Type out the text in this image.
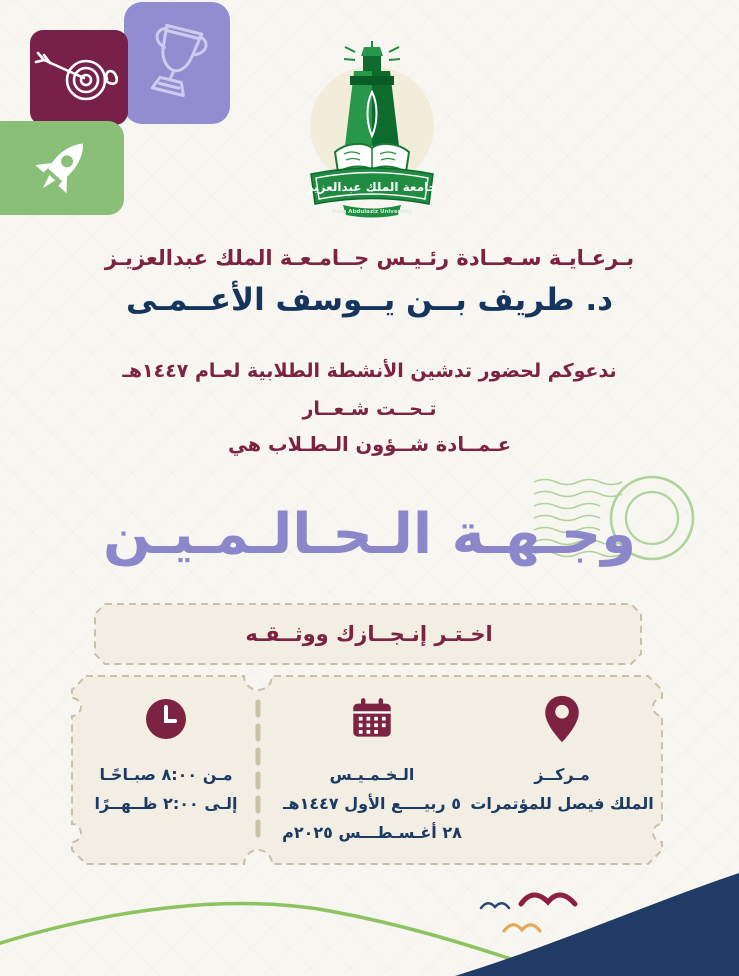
جامعة الملك عبدالعزيز
King Abdulaziz University
بـرعـايـة سـعــادة رئـيـس جــامـعـة الملك عبدالعزيـز
د. طريف بــن يــوسف الأعــمـى
ندعوكم لحضور تدشين الأنشطة الطلابية لعـام ١٤٤٧هـ
تـحــت شـعــار
عـمــادة شــؤون الـطـلاب هي
وجـهـة الـحـالـمـيـن
اخـتـر إنـجــازك ووثــقـه
مـركــز
الملك فيصل للمؤتمرات
الـخـمـيـس
٥ ربيــــع الأول ١٤٤٧هـ
٢٨ أغـسـطـــس ٢٠٢٥م
مـن ٨:٠٠ صبـاحًـا
إلـى ٢:٠٠ ظــهــرًا
